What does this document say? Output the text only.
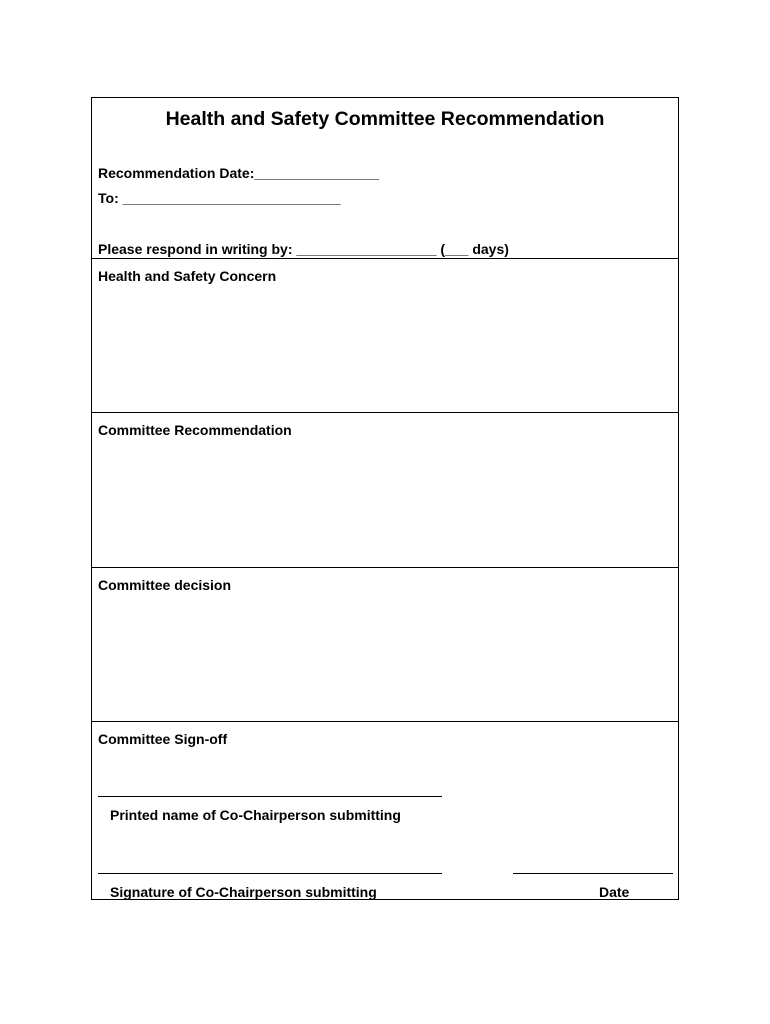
Health and Safety Committee Recommendation
Recommendation Date:________________
To: ____________________________
Please respond in writing by: __________________ (___ days)
Health and Safety Concern
Committee Recommendation
Committee decision
Committee Sign-off
Printed name of Co-Chairperson submitting
Signature of Co-Chairperson submitting	Date
